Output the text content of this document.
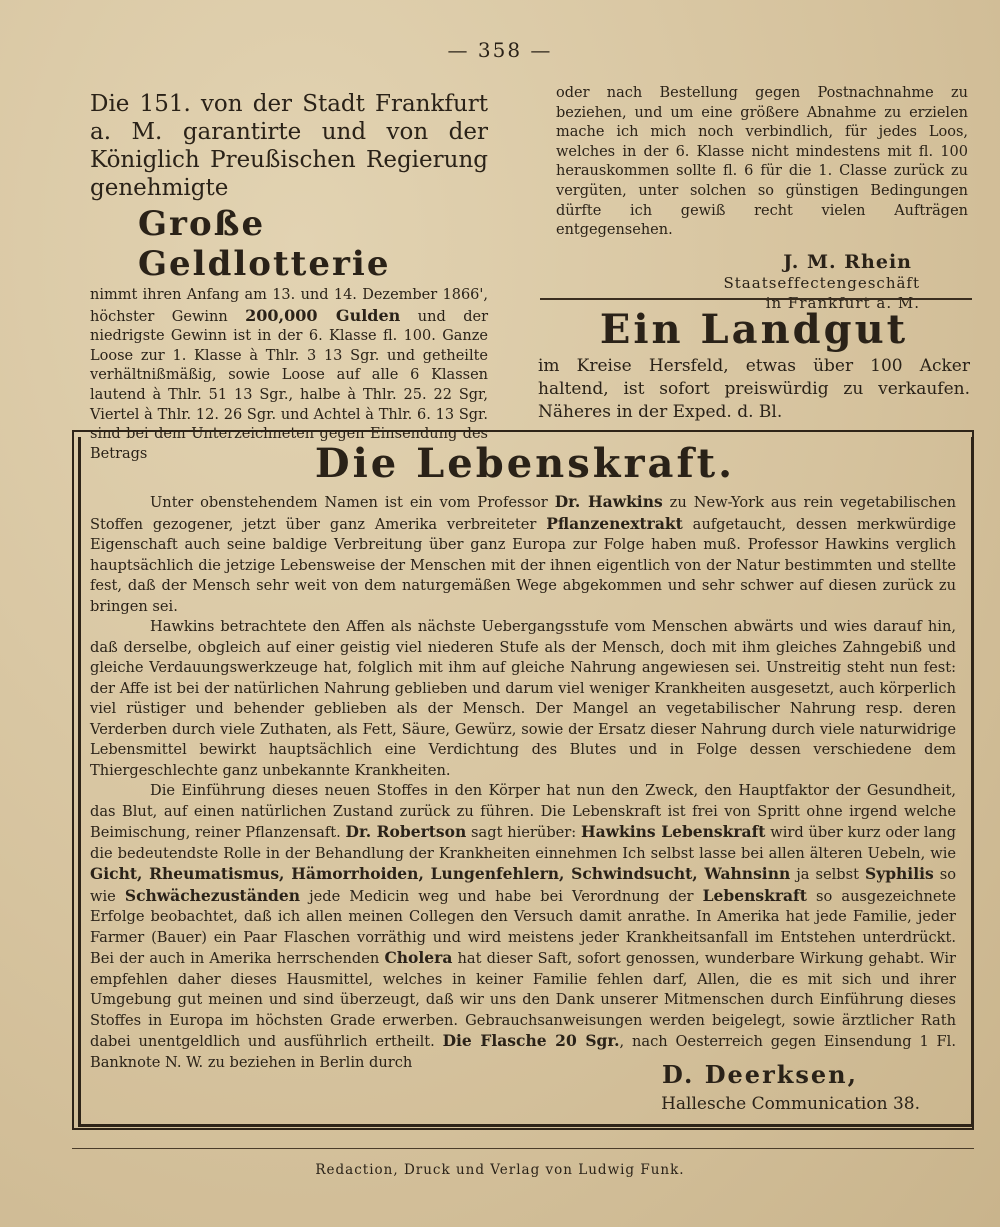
— 358 —
Die 151. von der Stadt Frankfurt a. M. garantirte und von der Königlich Preußischen Regierung genehmigte
Große Geldlotterie
nimmt ihren Anfang am 13. und 14. Dezember 1866', höchster Gewinn 200,000 Gulden und der niedrigste Gewinn ist in der 6. Klasse fl. 100. Ganze Loose zur 1. Klasse à Thlr. 3 13 Sgr. und getheilte verhältnißmäßig, sowie Loose auf alle 6 Klassen lautend à Thlr. 51 13 Sgr., halbe à Thlr. 25. 22 Sgr, Viertel à Thlr. 12. 26 Sgr. und Achtel à Thlr. 6. 13 Sgr. sind bei dem Unterzeichneten gegen Einsendung des Betrags
oder nach Bestellung gegen Postnachnahme zu beziehen, und um eine größere Abnahme zu erzielen mache ich mich noch verbindlich, für jedes Loos, welches in der 6. Klasse nicht mindestens mit fl. 100 herauskommen sollte fl. 6 für die 1. Classe zurück zu vergüten, unter solchen so günstigen Bedingungen dürfte ich gewiß recht vielen Aufträgen entgegensehen.
J. M. Rhein
Staatseffectengeschäft
in Frankfurt a. M.
Ein Landgut
im Kreise Hersfeld, etwas über 100 Acker haltend, ist sofort preiswürdig zu verkaufen. Näheres in der Exped. d. Bl.
Die Lebenskraft.

Unter obenstehendem Namen ist ein vom Professor Dr. Hawkins zu New-York aus rein vegetabilischen Stoffen gezogener, jetzt über ganz Amerika verbreiteter Pflanzenextrakt aufgetaucht, dessen merkwürdige Eigenschaft auch seine baldige Verbreitung über ganz Europa zur Folge haben muß. Professor Hawkins verglich hauptsächlich die jetzige Lebensweise der Menschen mit der ihnen eigentlich von der Natur bestimmten und stellte fest, daß der Mensch sehr weit von dem naturgemäßen Wege abgekommen und sehr schwer auf diesen zurück zu bringen sei.

Hawkins betrachtete den Affen als nächste Uebergangsstufe vom Menschen abwärts und wies darauf hin, daß derselbe, obgleich auf einer geistig viel niederen Stufe als der Mensch, doch mit ihm gleiches Zahngebiß und gleiche Verdauungswerkzeuge hat, folglich mit ihm auf gleiche Nahrung angewiesen sei. Unstreitig steht nun fest: der Affe ist bei der natürlichen Nahrung geblieben und darum viel weniger Krankheiten ausgesetzt, auch körperlich viel rüstiger und behender geblieben als der Mensch. Der Mangel an vegetabilischer Nahrung resp. deren Verderben durch viele Zuthaten, als Fett, Säure, Gewürz, sowie der Ersatz dieser Nahrung durch viele naturwidrige Lebensmittel bewirkt hauptsächlich eine Verdichtung des Blutes und in Folge dessen verschiedene dem Thiergeschlechte ganz unbekannte Krankheiten.

Die Einführung dieses neuen Stoffes in den Körper hat nun den Zweck, den Hauptfaktor der Gesundheit, das Blut, auf einen natürlichen Zustand zurück zu führen. Die Lebenskraft ist frei von Spritt ohne irgend welche Beimischung, reiner Pflanzensaft. Dr. Robertson sagt hierüber: Hawkins Lebenskraft wird über kurz oder lang die bedeutendste Rolle in der Behandlung der Krankheiten einnehmen Ich selbst lasse bei allen älteren Uebeln, wie Gicht, Rheumatismus, Hämorrhoiden, Lungenfehlern, Schwindsucht, Wahnsinn ja selbst Syphilis so wie Schwächezuständen jede Medicin weg und habe bei Verordnung der Lebenskraft so ausgezeichnete Erfolge beobachtet, daß ich allen meinen Collegen den Versuch damit anrathe. In Amerika hat jede Familie, jeder Farmer (Bauer) ein Paar Flaschen vorräthig und wird meistens jeder Krankheitsanfall im Entstehen unterdrückt. Bei der auch in Amerika herrschenden Cholera hat dieser Saft, sofort genossen, wunderbare Wirkung gehabt. Wir empfehlen daher dieses Hausmittel, welches in keiner Familie fehlen darf, Allen, die es mit sich und ihrer Umgebung gut meinen und sind überzeugt, daß wir uns den Dank unserer Mitmenschen durch Einführung dieses Stoffes in Europa im höchsten Grade erwerben. Gebrauchsanweisungen werden beigelegt, sowie ärztlicher Rath dabei unentgeldlich und ausführlich ertheilt. Die Flasche 20 Sgr., nach Oesterreich gegen Einsendung 1 Fl. Banknote N. W. zu beziehen in Berlin durch	D. Deerksen,
Hallesche Communication 38.
Redaction, Druck und Verlag von Ludwig Funk.
